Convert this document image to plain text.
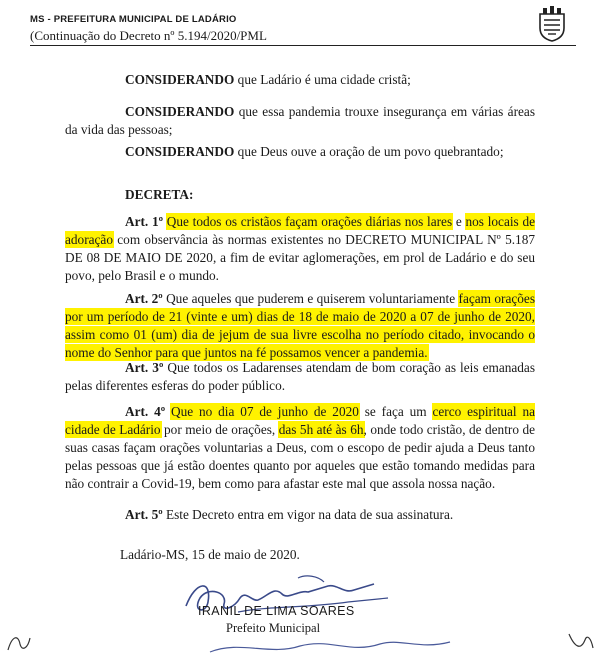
MS - PREFEITURA MUNICIPAL DE LADÁRIO
(Continuação do Decreto nº 5.194/2020/PML
CONSIDERANDO que Ladário é uma cidade cristã;
CONSIDERANDO que essa pandemia trouxe insegurança em várias áreas da vida das pessoas;
CONSIDERANDO que Deus ouve a oração de um povo quebrantado;
DECRETA:
Art. 1º Que todos os cristãos façam orações diárias nos lares e nos locais de adoração com observância às normas existentes no DECRETO MUNICIPAL Nº 5.187 DE 08 DE MAIO DE 2020, a fim de evitar aglomerações, em prol de Ladário e do seu povo, pelo Brasil e o mundo.
Art. 2º Que aqueles que puderem e quiserem voluntariamente façam orações por um período de 21 (vinte e um) dias de 18 de maio de 2020 a 07 de junho de 2020, assim como 01 (um) dia de jejum de sua livre escolha no período citado, invocando o nome do Senhor para que juntos na fé possamos vencer a pandemia.
Art. 3º Que todos os Ladarenses atendam de bom coração as leis emanadas pelas diferentes esferas do poder público.
Art. 4º Que no dia 07 de junho de 2020 se faça um cerco espiritual na cidade de Ladário por meio de orações, das 5h até às 6h, onde todo cristão, de dentro de suas casas façam orações voluntarias a Deus, com o escopo de pedir ajuda a Deus tanto pelas pessoas que já estão doentes quanto por aqueles que estão tomando medidas para não contrair a Covid-19, bem como para afastar este mal que assola nossa nação.
Art. 5º Este Decreto entra em vigor na data de sua assinatura.
Ladário-MS, 15 de maio de 2020.
IRANIL DE LIMA SOARES
Prefeito Municipal
